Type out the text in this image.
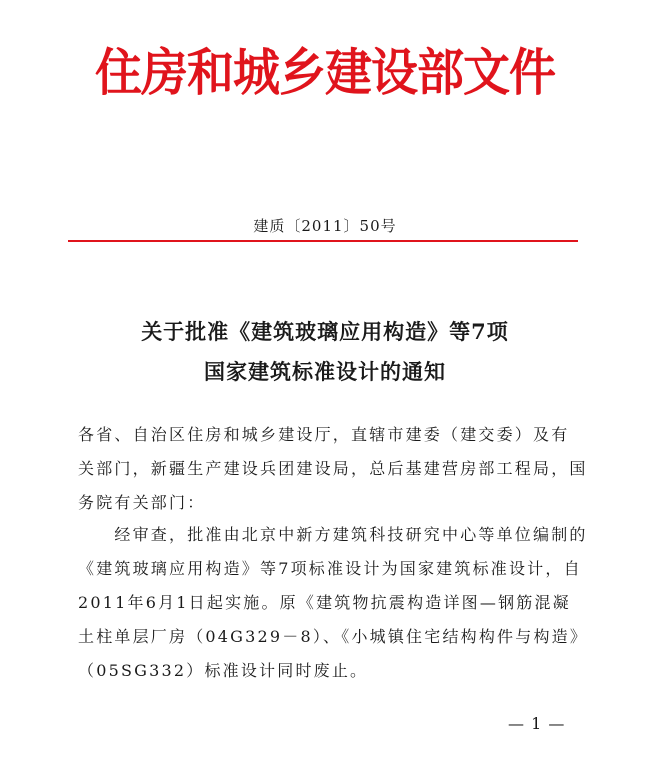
住房和城乡建设部文件
建质〔2011〕50号
关于批准《建筑玻璃应用构造》等7项
国家建筑标准设计的通知

各省、自治区住房和城乡建设厅，直辖市建委（建交委）及有

关部门，新疆生产建设兵团建设局，总后基建营房部工程局，国

务院有关部门：

　　经审查，批准由北京中新方建筑科技研究中心等单位编制的

《建筑玻璃应用构造》等7项标准设计为国家建筑标准设计，自

2011年6月1日起实施。原《建筑物抗震构造详图—钢筋混凝

土柱单层厂房（04G329－8）、《小城镇住宅结构构件与构造》

（05SG332）标准设计同时废止。

— 1 —
